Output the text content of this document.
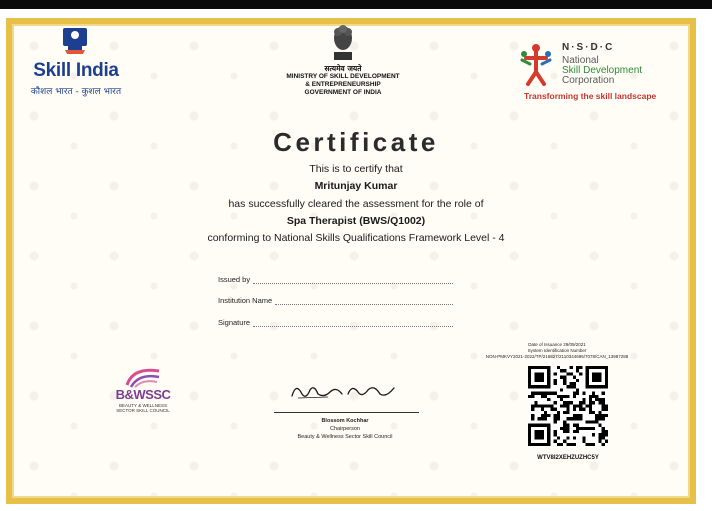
Skill India
कौशल भारत - कुशल भारत
सत्यमेव जयते
MINISTRY OF SKILL DEVELOPMENT
& ENTREPRENEURSHIP
GOVERNMENT OF INDIA
N·S·D·C
National
Skill Development
Corporation
Transforming the skill landscape
Certificate
This is to certify that
Mritunjay Kumar
has successfully cleared the assessment for the role of
Spa Therapist (BWS/Q1002)
conforming to National Skills Qualifications Framework Level - 4
Issued by
Institution Name
Signature
B&WSSC
BEAUTY & WELLNESS
SECTOR SKILL COUNCIL
Blossom Kochhar
Chairperson
Beauty & Wellness Sector Skill Council
Date of Issuance 29/09/2021
System Identification Number
NON-PMKVY2021-2022/TP/216827/2110344695/7078/CAN_13987288
WTV8I2XEHZUZHC5Y
